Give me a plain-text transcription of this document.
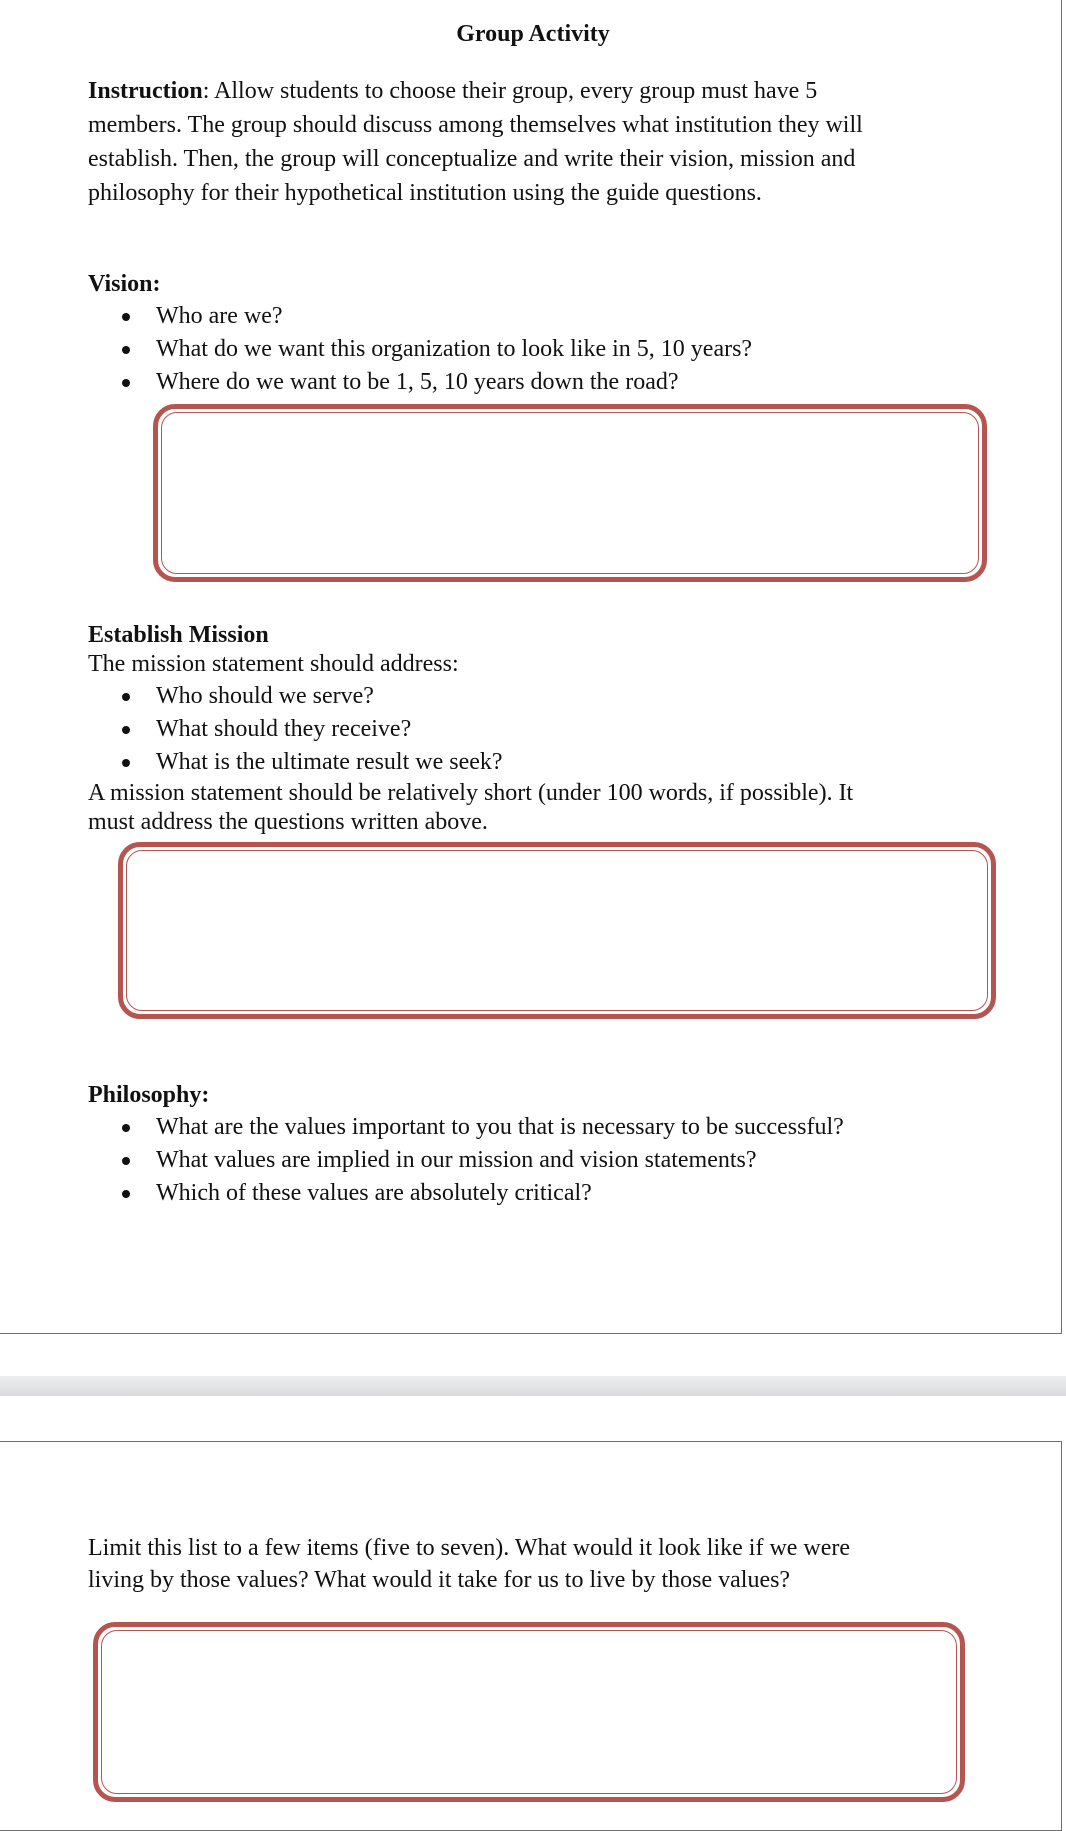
Group Activity
Instruction: Allow students to choose their group, every group must have 5
members. The group should discuss among themselves what institution they will
establish. Then, the group will conceptualize and write their vision, mission and
philosophy for their hypothetical institution using the guide questions.
Vision:
Who are we?
What do we want this organization to look like in 5, 10 years?
Where do we want to be 1, 5, 10 years down the road?
Establish Mission
The mission statement should address:
Who should we serve?
What should they receive?
What is the ultimate result we seek?
A mission statement should be relatively short (under 100 words, if possible). It
must address the questions written above.
Philosophy:
What are the values important to you that is necessary to be successful?
What values are implied in our mission and vision statements?
Which of these values are absolutely critical?
Limit this list to a few items (five to seven). What would it look like if we were
living by those values? What would it take for us to live by those values?
